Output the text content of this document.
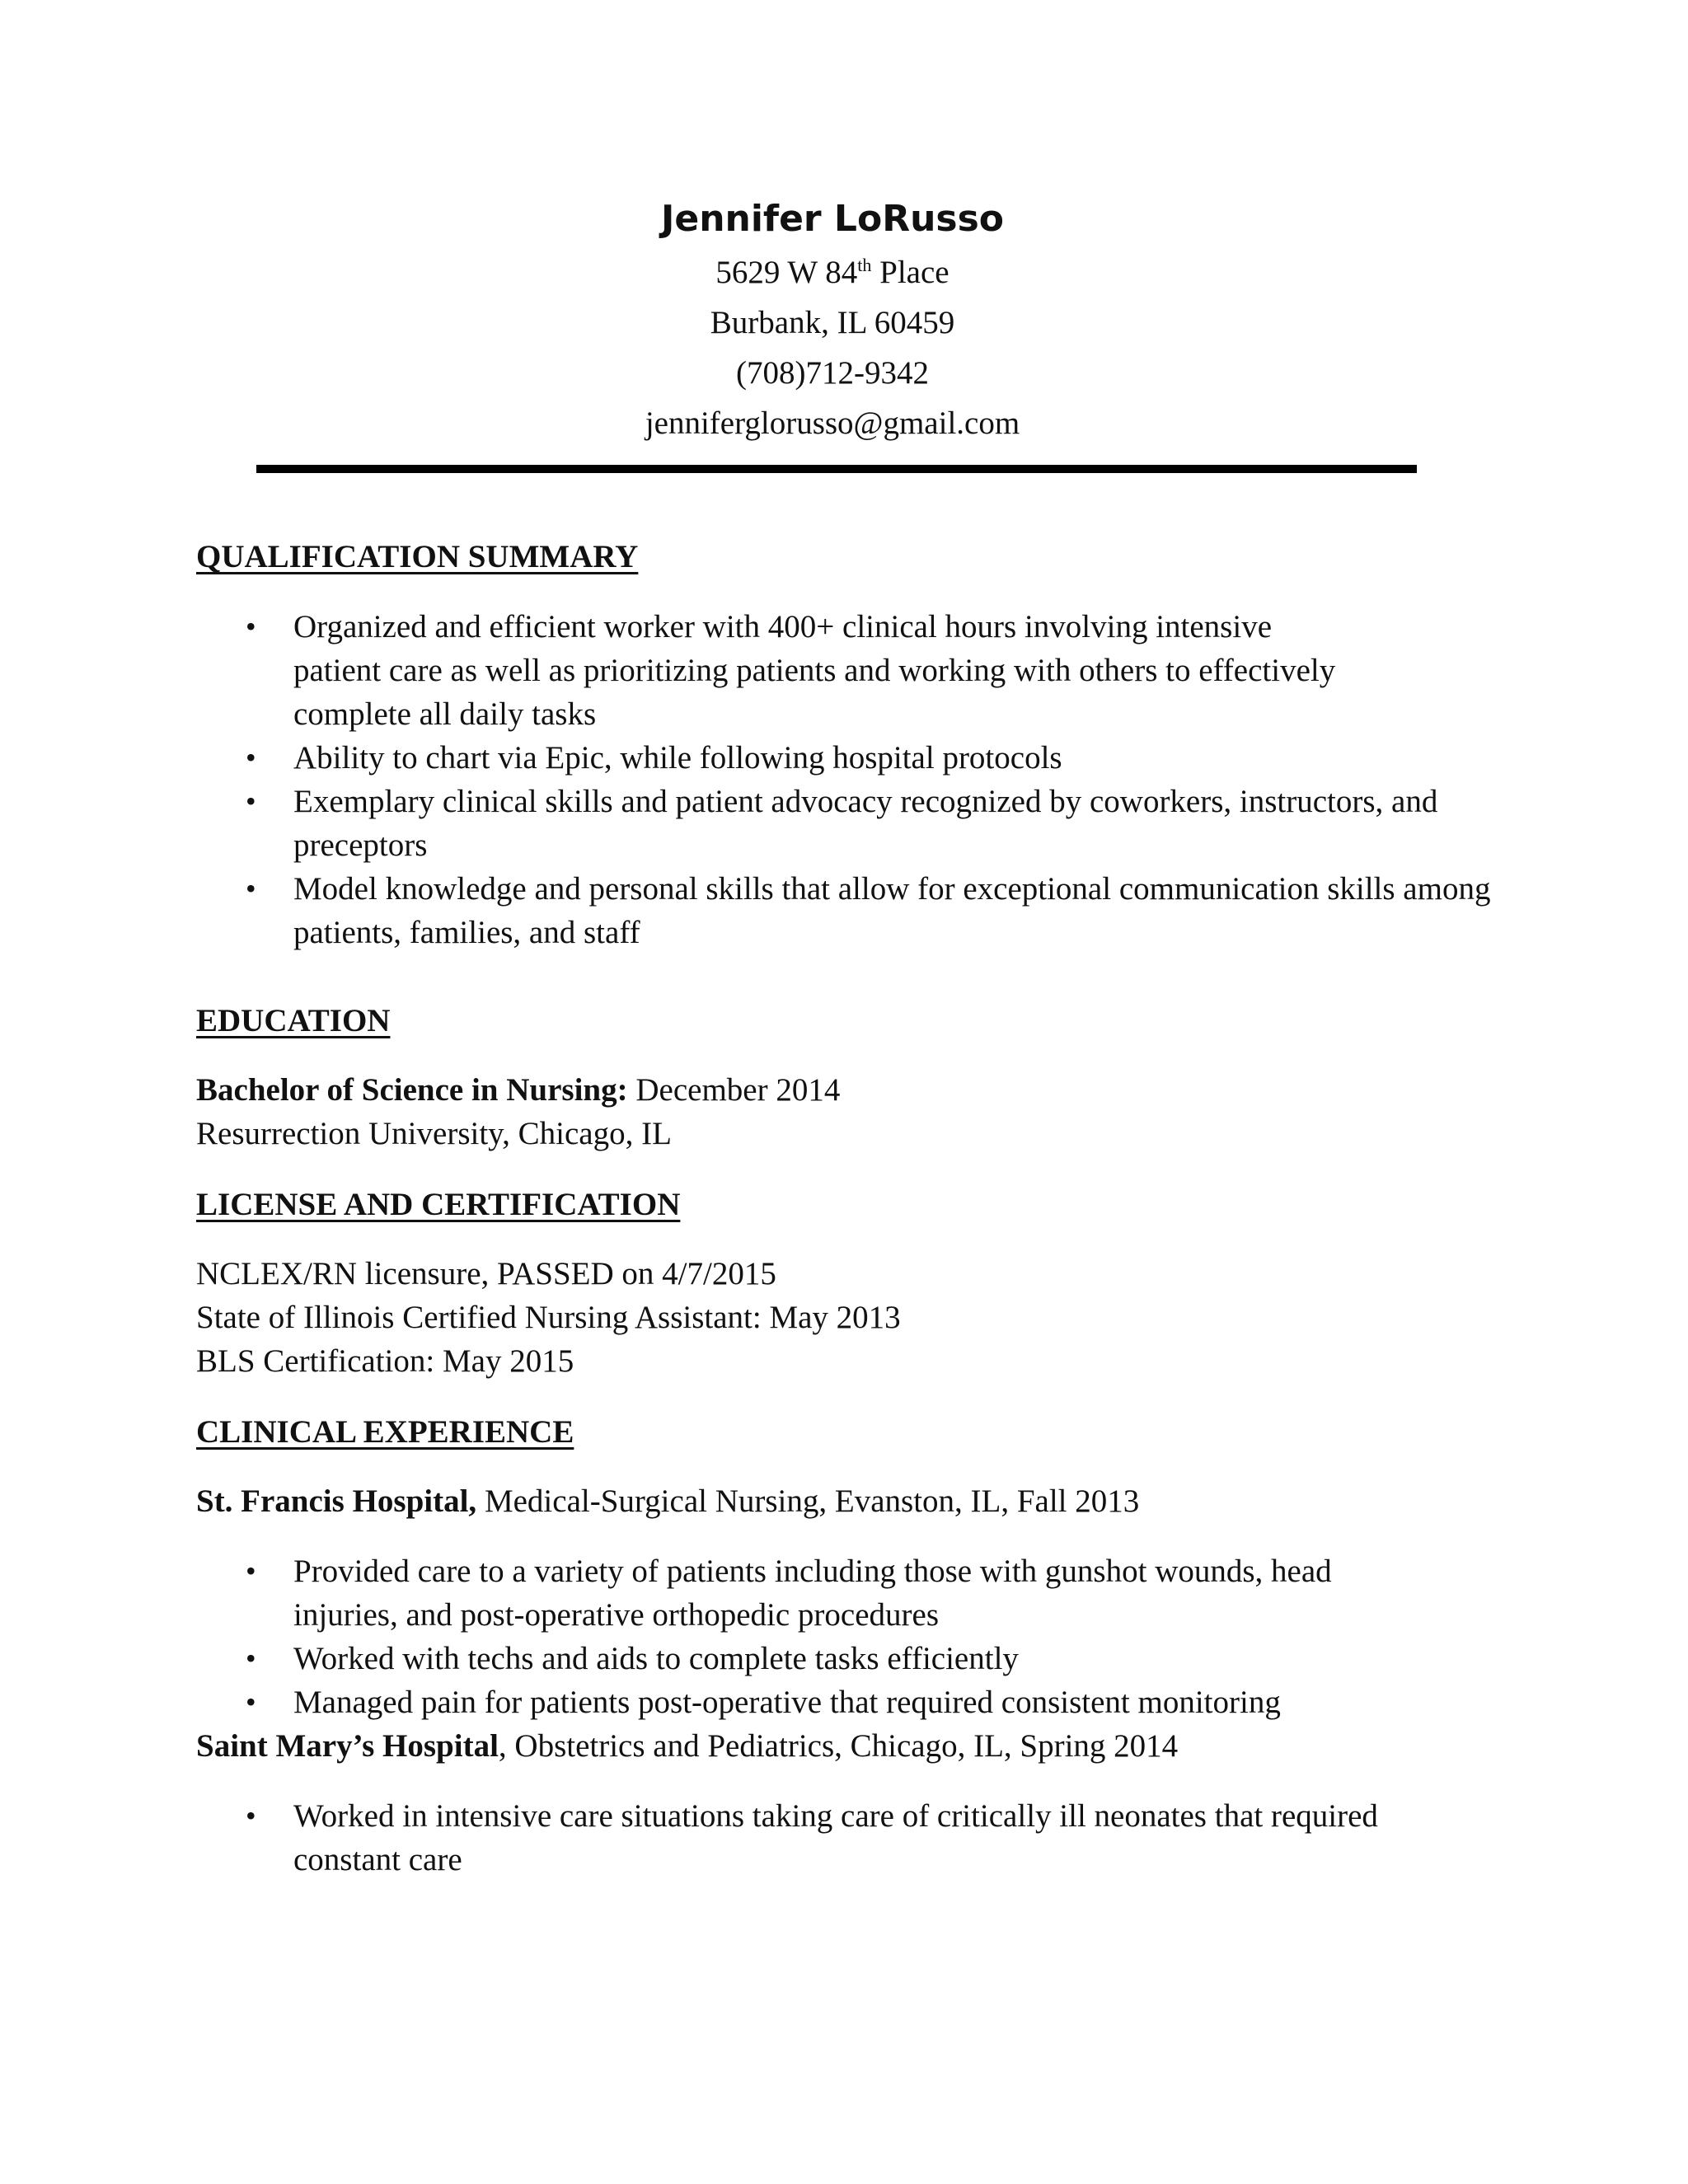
Jennifer LoRusso

5629 W 84th Place

Burbank, IL 60459

(708)712-9342

jenniferglorusso@gmail.com

QUALIFICATION SUMMARY

• Organized and efficient worker with 400+ clinical hours involving intensive patient care as well as prioritizing patients and working with others to effectively complete all daily tasks
• Ability to chart via Epic, while following hospital protocols
• Exemplary clinical skills and patient advocacy recognized by coworkers, instructors, and preceptors
• Model knowledge and personal skills that allow for exceptional communication skills among patients, families, and staff

EDUCATION

Bachelor of Science in Nursing: December 2014

Resurrection University, Chicago, IL

LICENSE AND CERTIFICATION

NCLEX/RN licensure, PASSED on 4/7/2015

State of Illinois Certified Nursing Assistant: May 2013

BLS Certification: May 2015

CLINICAL EXPERIENCE

St. Francis Hospital, Medical-Surgical Nursing, Evanston, IL, Fall 2013

• Provided care to a variety of patients including those with gunshot wounds, head injuries, and post-operative orthopedic procedures
• Worked with techs and aids to complete tasks efficiently
• Managed pain for patients post-operative that required consistent monitoring

Saint Mary’s Hospital, Obstetrics and Pediatrics, Chicago, IL, Spring 2014

• Worked in intensive care situations taking care of critically ill neonates that required constant care
